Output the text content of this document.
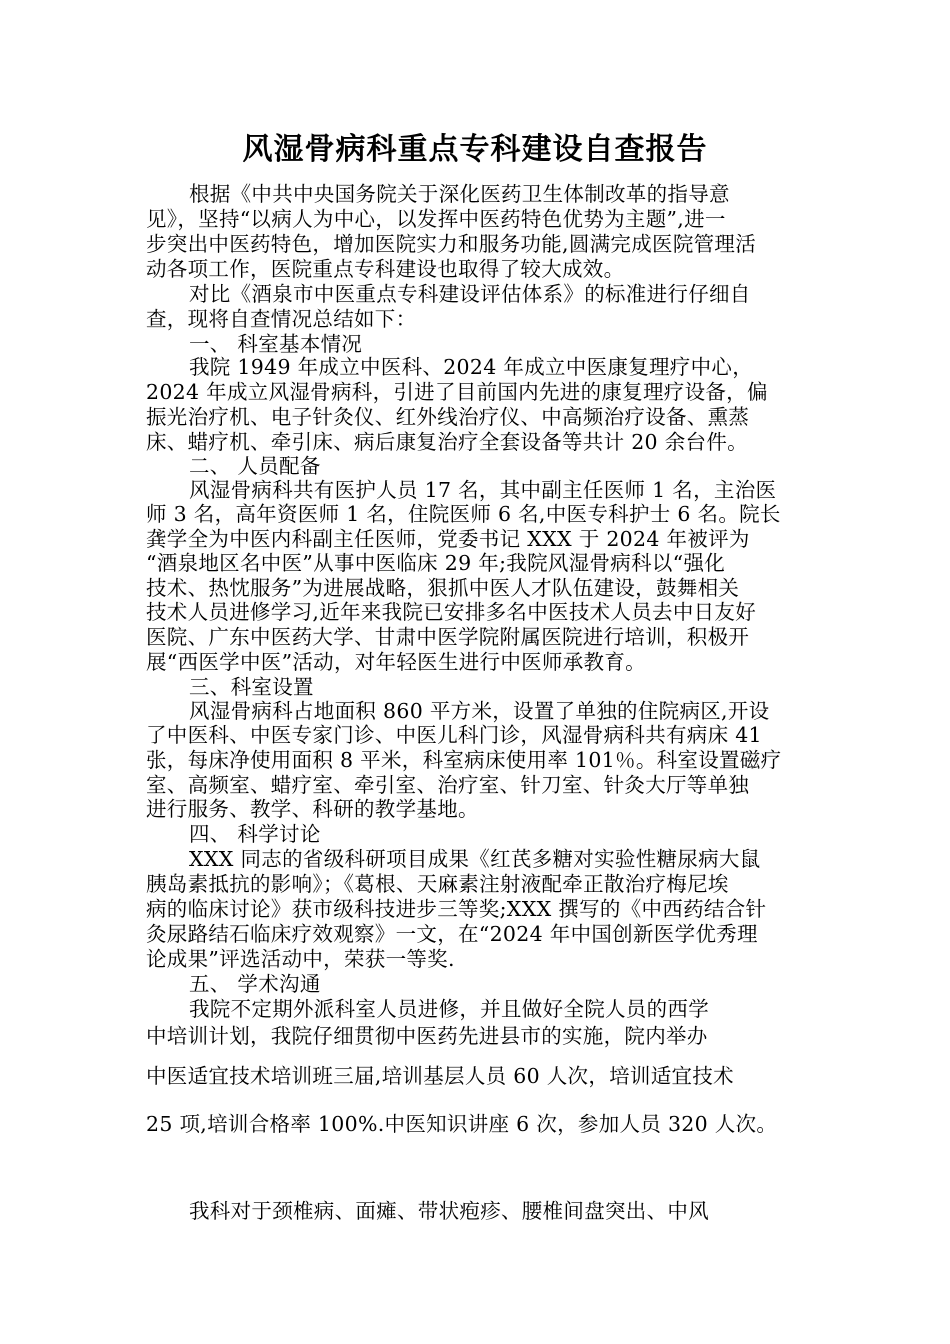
风湿骨病科重点专科建设自查报告
根据《中共中央国务院关于深化医药卫生体制改革的指导意
见》，坚持“以病人为中心，以发挥中医药特色优势为主题”,进一
步突出中医药特色，增加医院实力和服务功能,圆满完成医院管理活
动各项工作，医院重点专科建设也取得了较大成效。
对比《酒泉市中医重点专科建设评估体系》的标准进行仔细自
查，现将自查情况总结如下：
一、 科室基本情况
我院 1949 年成立中医科、2024 年成立中医康复理疗中心，
2024 年成立风湿骨病科，引进了目前国内先进的康复理疗设备，偏
振光治疗机、电子针灸仪、红外线治疗仪、中高频治疗设备、熏蒸
床、蜡疗机、牵引床、病后康复治疗全套设备等共计 20 余台件。
二、 人员配备
风湿骨病科共有医护人员 17 名，其中副主任医师 1 名，主治医
师 3 名，高年资医师 1 名，住院医师 6 名,中医专科护士 6 名。院长
龚学全为中医内科副主任医师，党委书记 XXX 于 2024 年被评为
“酒泉地区名中医”从事中医临床 29 年;我院风湿骨病科以“强化
技术、热忱服务”为进展战略，狠抓中医人才队伍建设，鼓舞相关
技术人员进修学习,近年来我院已安排多名中医技术人员去中日友好
医院、广东中医药大学、甘肃中医学院附属医院进行培训，积极开
展“西医学中医”活动，对年轻医生进行中医师承教育。
三、科室设置
风湿骨病科占地面积 860 平方米，设置了单独的住院病区,开设
了中医科、中医专家门诊、中医儿科门诊，风湿骨病科共有病床 41
张，每床净使用面积 8 平米，科室病床使用率 101％。科室设置磁疗
室、高频室、蜡疗室、牵引室、治疗室、针刀室、针灸大厅等单独
进行服务、教学、科研的教学基地。
四、 科学讨论
XXX 同志的省级科研项目成果《红芪多糖对实验性糖尿病大鼠
胰岛素抵抗的影响》；《葛根、天麻素注射液配牵正散治疗梅尼埃
病的临床讨论》获市级科技进步三等奖;XXX 撰写的《中西药结合针
灸尿路结石临床疗效观察》一文，在“2024 年中国创新医学优秀理
论成果”评选活动中，荣获一等奖.
五、 学术沟通
我院不定期外派科室人员进修，并且做好全院人员的西学
中培训计划，我院仔细贯彻中医药先进县市的实施，院内举办
中医适宜技术培训班三届,培训基层人员 60 人次，培训适宜技术
25 项,培训合格率 100%.中医知识讲座 6 次，参加人员 320 人次。
我科对于颈椎病、面瘫、带状疱疹、腰椎间盘突出、中风
